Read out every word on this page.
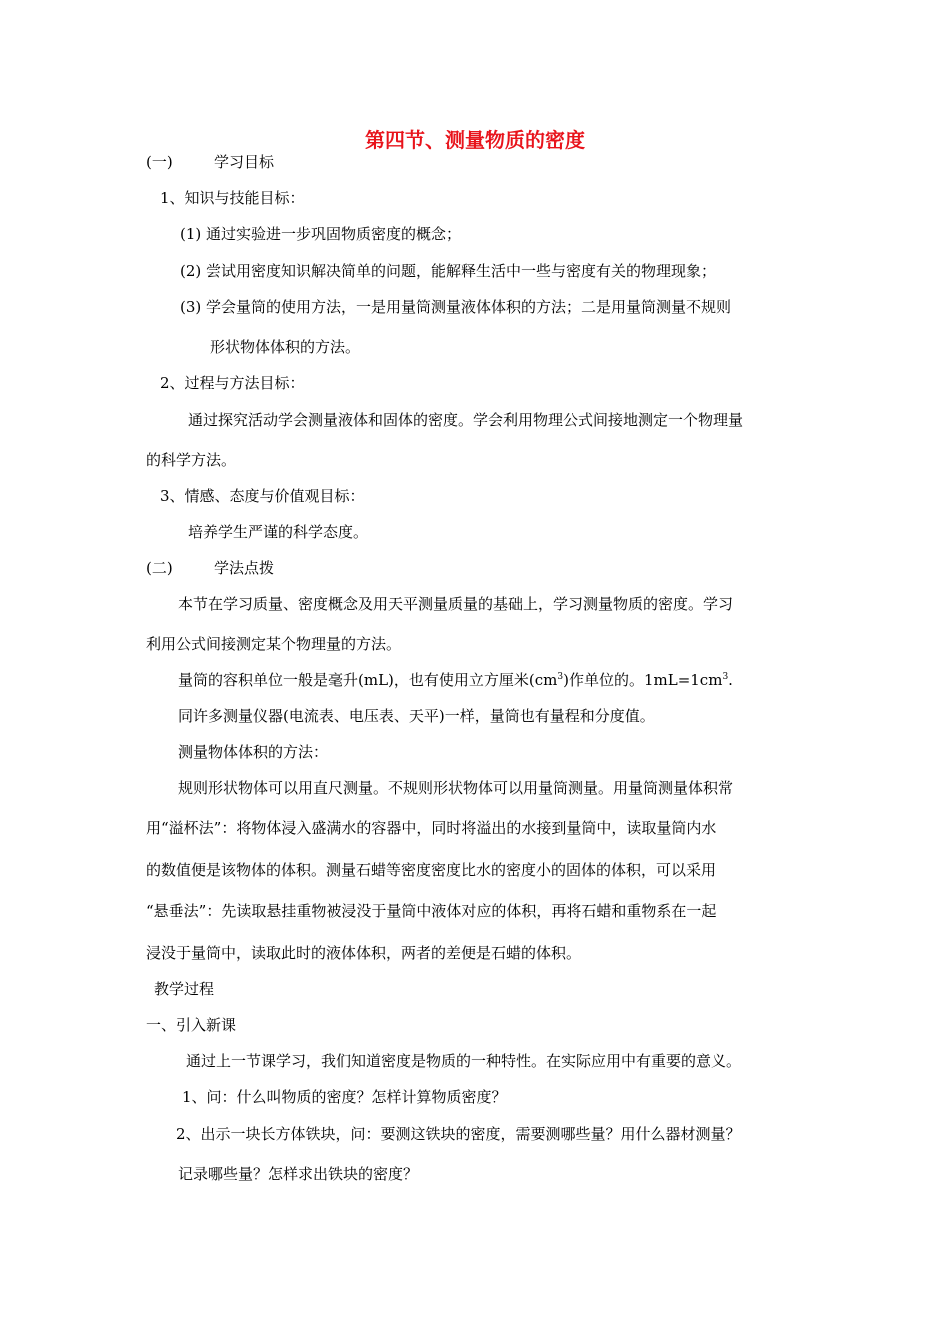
第四节、测量物质的密度
(一)	学习目标
1、知识与技能目标：
(1) 通过实验进一步巩固物质密度的概念；
(2) 尝试用密度知识解决简单的问题，能解释生活中一些与密度有关的物理现象；
(3) 学会量筒的使用方法，一是用量筒测量液体体积的方法；二是用量筒测量不规则
形状物体体积的方法。
2、过程与方法目标：
通过探究活动学会测量液体和固体的密度。学会利用物理公式间接地测定一个物理量
的科学方法。
3、情感、态度与价值观目标：
培养学生严谨的科学态度。
(二)	学法点拨
本节在学习质量、密度概念及用天平测量质量的基础上，学习测量物质的密度。学习
利用公式间接测定某个物理量的方法。
量筒的容积单位一般是毫升(mL)，也有使用立方厘米$(cm^3)$作单位的。$1mL=1cm^3$.
同许多测量仪器(电流表、电压表、天平)一样，量筒也有量程和分度值。
测量物体体积的方法：
规则形状物体可以用直尺测量。不规则形状物体可以用量筒测量。用量筒测量体积常
用“溢杯法”：将物体浸入盛满水的容器中，同时将溢出的水接到量筒中，读取量筒内水
的数值便是该物体的体积。测量石蜡等密度密度比水的密度小的固体的体积，可以采用
“悬垂法”：先读取悬挂重物被浸没于量筒中液体对应的体积，再将石蜡和重物系在一起
浸没于量筒中，读取此时的液体体积，两者的差便是石蜡的体积。
教学过程
一、引入新课
通过上一节课学习，我们知道密度是物质的一种特性。在实际应用中有重要的意义。
1、问：什么叫物质的密度？怎样计算物质密度？
2、出示一块长方体铁块，问：要测这铁块的密度，需要测哪些量？用什么器材测量？
记录哪些量？怎样求出铁块的密度？
